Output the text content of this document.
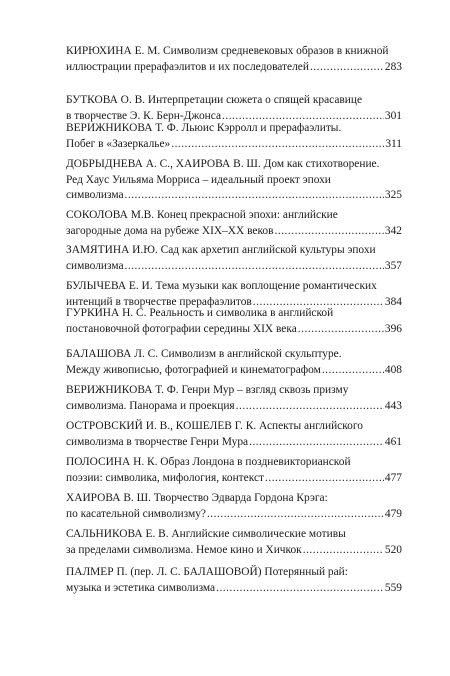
КИРЮХИНА Е. М. Символизм средневековых образов в книжной
иллюстрации прерафаэлитов и их последователей .....	283
БУТКОВА О. В. Интерпретации сюжета о спящей красавице
в творчестве Э. К. Берн-Джонса .....	301
ВЕРИЖНИКОВА Т. Ф. Льюис Кэрролл и прерафаэлиты.
Побег в «Зазеркалье» .....	311
ДОБРЫДНЕВА А. С., ХАИРОВА В. Ш. Дом как стихотворение.
Ред Хаус Уильяма Морриса – идеальный проект эпохи
символизма .....	325
СОКОЛОВА М.В. Конец прекрасной эпохи: английские
загородные дома на рубеже XIX–XX веков .....	342
ЗАМЯТИНА И.Ю. Сад как архетип английской культуры эпохи
символизма .....	357
БУЛЫЧЕВА Е. И. Тема музыки как воплощение романтических
интенций в творчестве прерафаэлитов .....	384
ГУРКИНА Н. С. Реальность и символика в английской
постановочной фотографии середины XIX века .....	396
БАЛАШОВА Л. С. Символизм в английской скульптуре.
Между живописью, фотографией и кинематографом .....	408
ВЕРИЖНИКОВА Т. Ф. Генри Мур – взгляд сквозь призму
символизма. Панорама и проекция .....	443
ОСТРОВСКИЙ И. В., КОШЕЛЕВ Г. К. Аспекты английского
символизма в творчестве Генри Мура .....	461
ПОЛОСИНА Н. К. Образ Лондона в поздневикторианской
поэзии: символика, мифология, контекст .....	477
ХАИРОВА В. Ш. Творчество Эдварда Гордона Крэга:
по касательной символизму? .....	479
САЛЬНИКОВА Е. В. Английские символические мотивы
за пределами символизма. Немое кино и Хичкок .....	520
ПАЛМЕР П. (пер. Л. С. БАЛАШОВОЙ) Потерянный рай:
музыка и эстетика символизма .....	559
